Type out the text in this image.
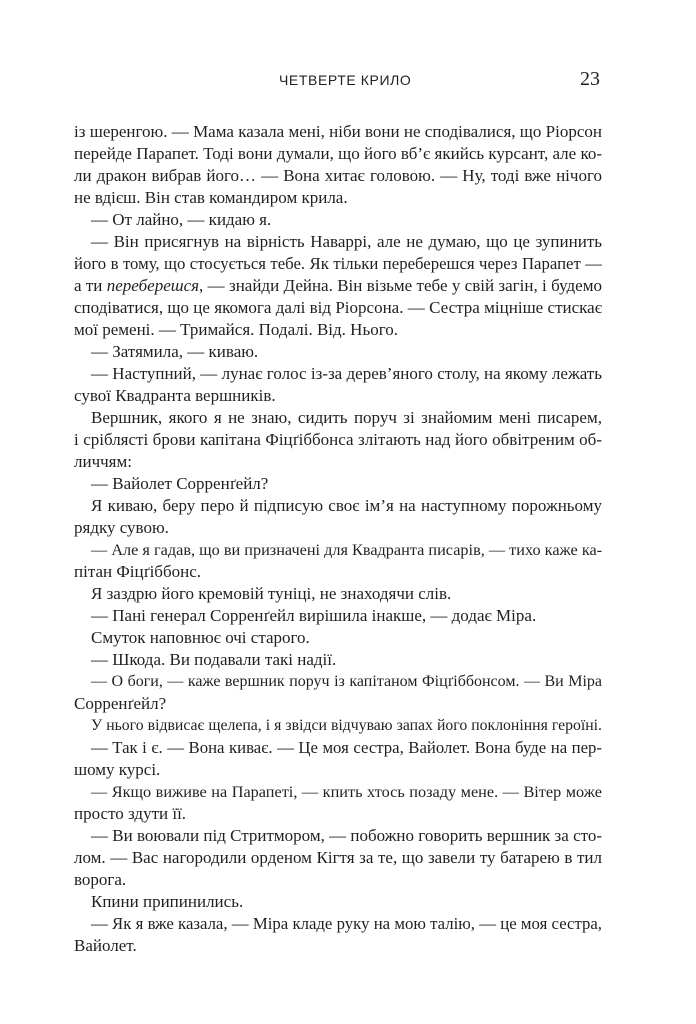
ЧЕТВЕРТЕ КРИЛО	23
із шеренгою. — Мама казала мені, ніби вони не сподівалися, що Ріорсон
перейде Парапет. Тоді вони думали, що його вб’є якийсь курсант, але ко-
ли дракон вибрав його… — Вона хитає головою. — Ну, тоді вже нічого
не вдієш. Він став командиром крила.
— От лайно, — кидаю я.
— Він присягнув на вірність Наваррі, але не думаю, що це зупинить
його в тому, що стосується тебе. Як тільки переберешся через Парапет —
а ти переберешся, — знайди Дейна. Він візьме тебе у свій загін, і будемо
сподіватися, що це якомога далі від Ріорсона. — Сестра міцніше стискає
мої ремені. — Тримайся. Подалі. Від. Нього.
— Затямила, — киваю.
— Наступний, — лунає голос із-за дерев’яного столу, на якому лежать
сувої Квадранта вершників.
Вершник, якого я не знаю, сидить поруч зі знайомим мені писарем,
і сріблясті брови капітана Фіцґіббонса злітають над його обвітреним об-
личчям:
— Вайолет Сорренґейл?
Я киваю, беру перо й підписую своє ім’я на наступному порожньому
рядку сувою.
— Але я гадав, що ви призначені для Квадранта писарів, — тихо каже ка-
пітан Фіцґіббонс.
Я заздрю його кремовій туніці, не знаходячи слів.
— Пані генерал Сорренґейл вирішила інакше, — додає Міра.
Смуток наповнює очі старого.
— Шкода. Ви подавали такі надії.
— О боги, — каже вершник поруч із капітаном Фіцґіббонсом. — Ви Міра
Сорренґейл?
У нього відвисає щелепа, і я звідси відчуваю запах його поклоніння героїні.
— Так і є. — Вона киває. — Це моя сестра, Вайолет. Вона буде на пер-
шому курсі.
— Якщо виживе на Парапеті, — кпить хтось позаду мене. — Вітер може
просто здути її.
— Ви воювали під Стритмором, — побожно говорить вершник за сто-
лом. — Вас нагородили орденом Кігтя за те, що завели ту батарею в тил
ворога.
Кпини припинились.
— Як я вже казала, — Міра кладе руку на мою талію, — це моя сестра,
Вайолет.
